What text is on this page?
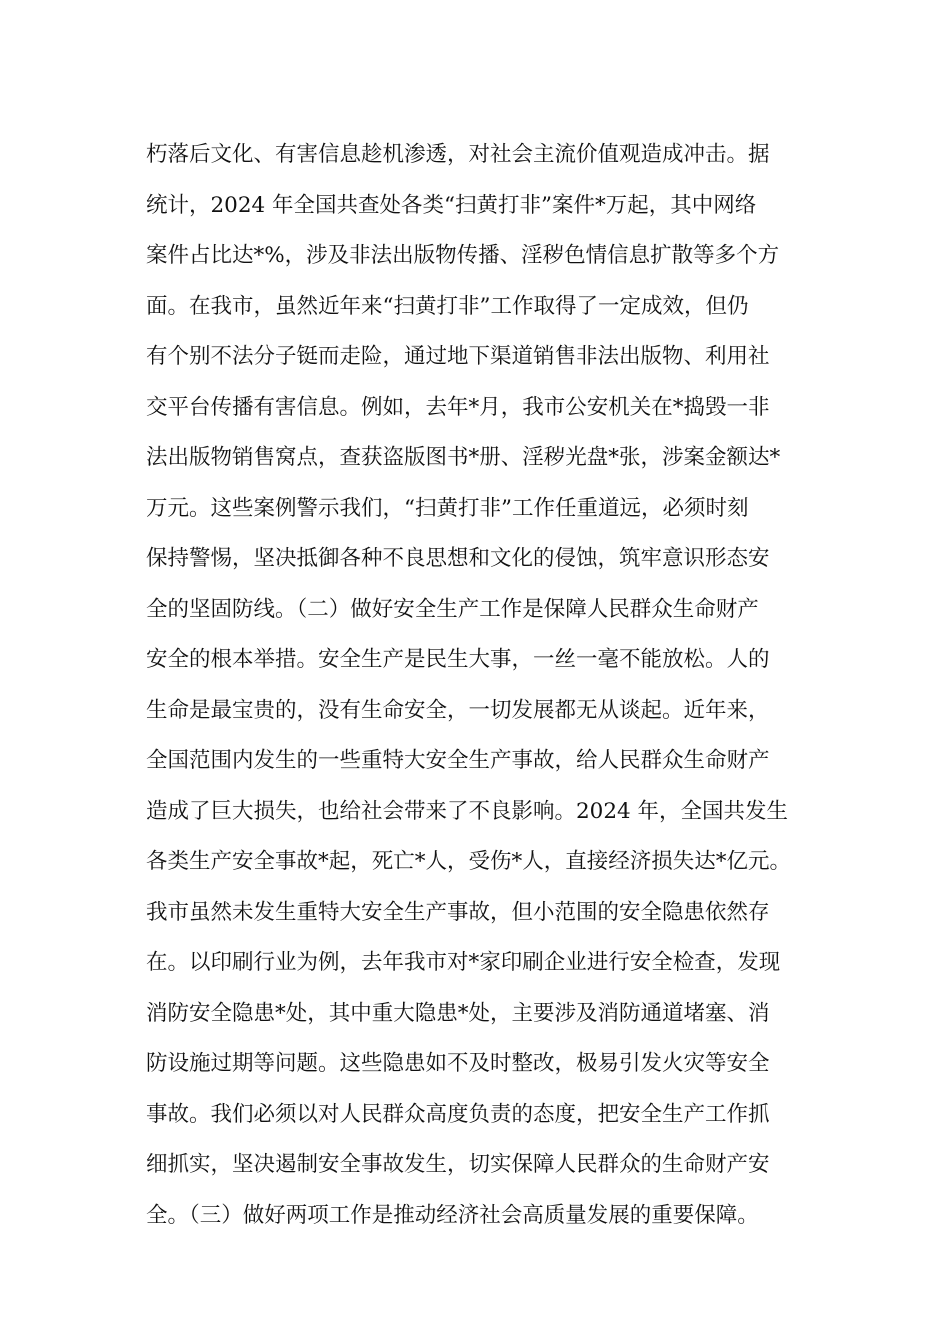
朽落后文化、有害信息趁机渗透，对社会主流价值观造成冲击。据
统计，2024 年全国共查处各类“扫黄打非”案件*万起，其中网络
案件占比达*%，涉及非法出版物传播、淫秽色情信息扩散等多个方
面。在我市，虽然近年来“扫黄打非”工作取得了一定成效，但仍
有个别不法分子铤而走险，通过地下渠道销售非法出版物、利用社
交平台传播有害信息。例如，去年*月，我市公安机关在*捣毁一非
法出版物销售窝点，查获盗版图书*册、淫秽光盘*张，涉案金额达*
万元。这些案例警示我们，“扫黄打非”工作任重道远，必须时刻
保持警惕，坚决抵御各种不良思想和文化的侵蚀，筑牢意识形态安
全的坚固防线。（二）做好安全生产工作是保障人民群众生命财产
安全的根本举措。安全生产是民生大事，一丝一毫不能放松。人的
生命是最宝贵的，没有生命安全，一切发展都无从谈起。近年来，
全国范围内发生的一些重特大安全生产事故，给人民群众生命财产
造成了巨大损失，也给社会带来了不良影响。2024 年，全国共发生
各类生产安全事故*起，死亡*人，受伤*人，直接经济损失达*亿元。
我市虽然未发生重特大安全生产事故，但小范围的安全隐患依然存
在。以印刷行业为例，去年我市对*家印刷企业进行安全检查，发现
消防安全隐患*处，其中重大隐患*处，主要涉及消防通道堵塞、消
防设施过期等问题。这些隐患如不及时整改，极易引发火灾等安全
事故。我们必须以对人民群众高度负责的态度，把安全生产工作抓
细抓实，坚决遏制安全事故发生，切实保障人民群众的生命财产安
全。（三）做好两项工作是推动经济社会高质量发展的重要保障。
